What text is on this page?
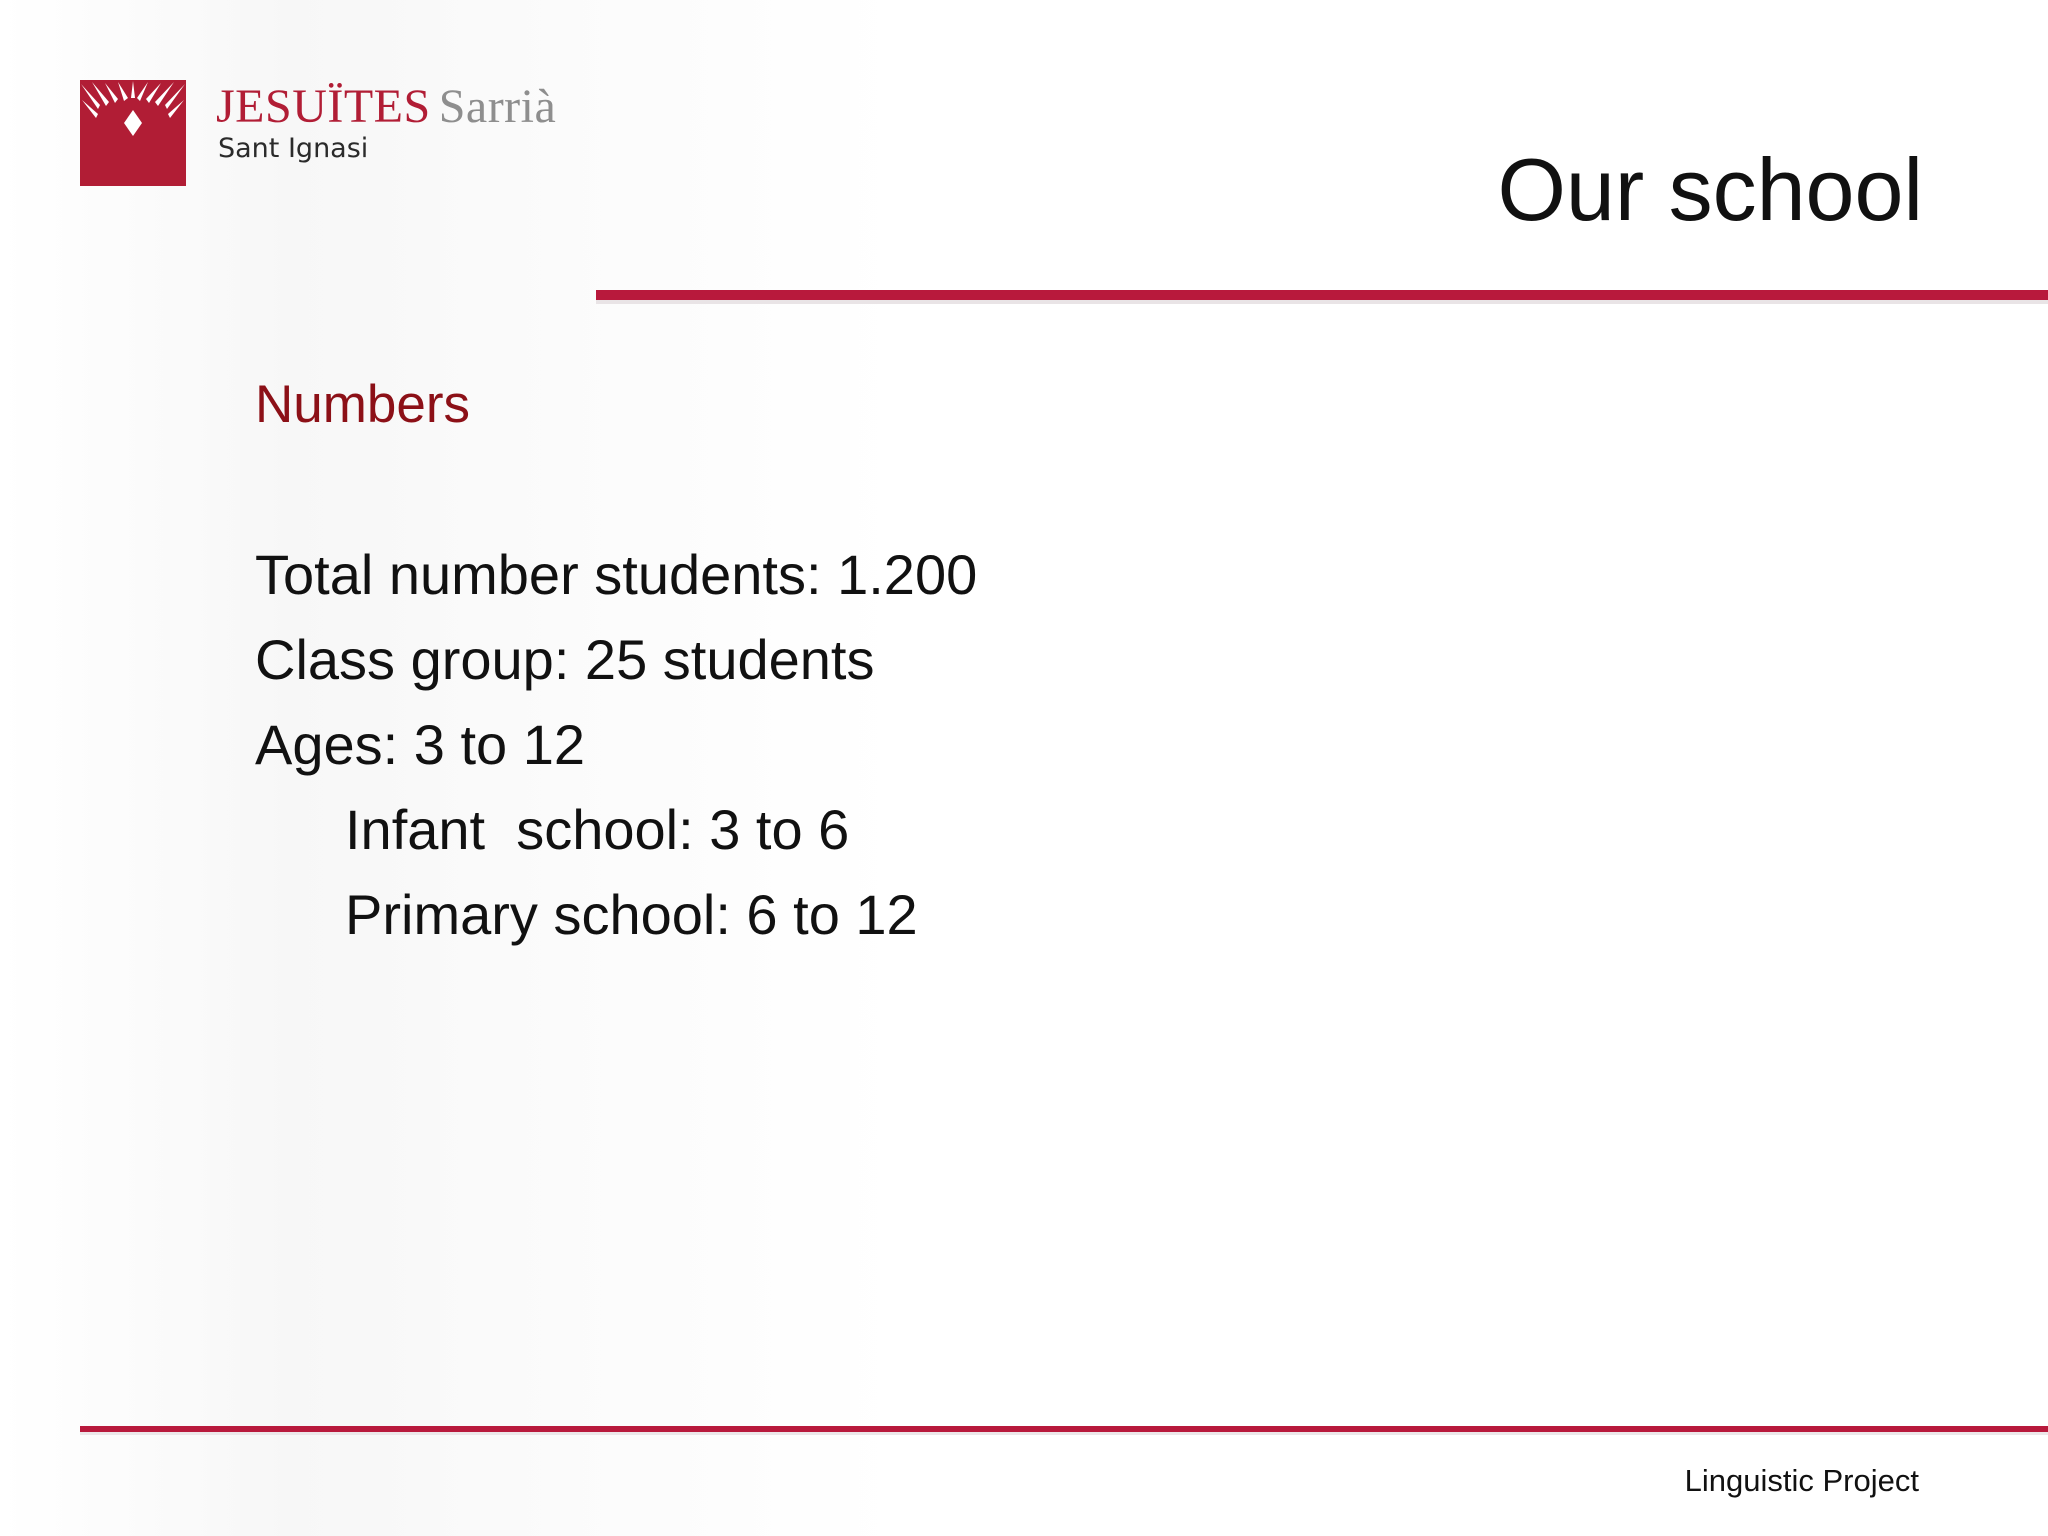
JESUÏTES Sarrià
Sant Ignasi	Our school
Numbers
Total number students: 1.200
Class group: 25 students
Ages: 3 to 12
Infant  school: 3 to 6
Primary school: 6 to 12
Linguistic Project
